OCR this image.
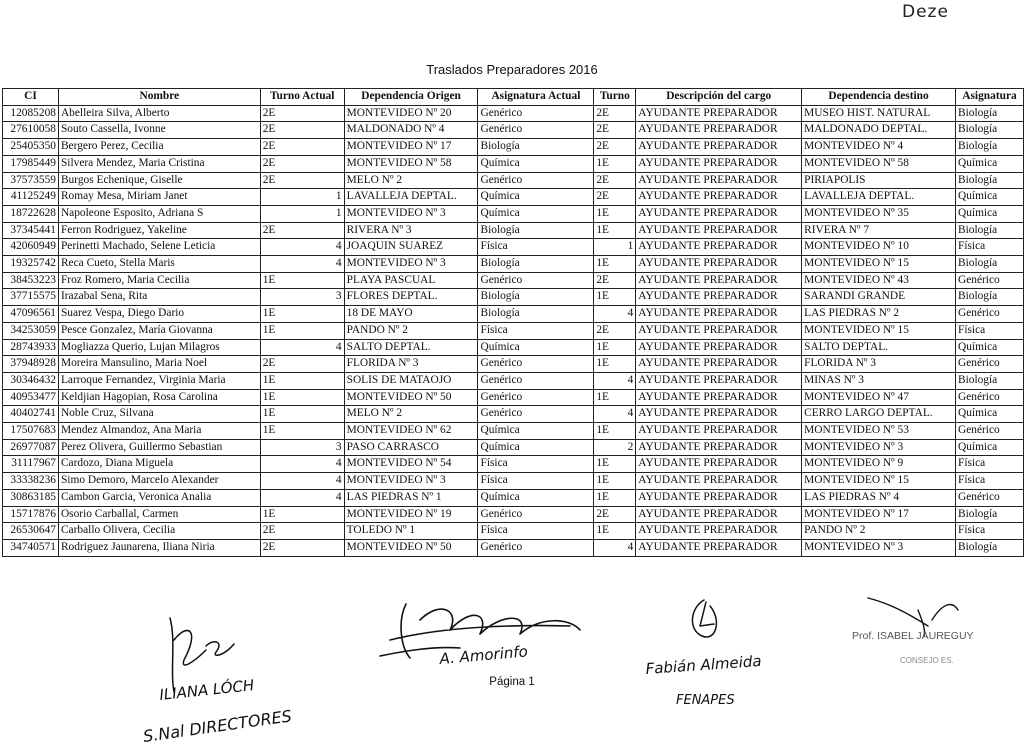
Deze
Traslados Preparadores 2016
CI	Nombre	Turno Actual	Dependencia Origen	Asignatura Actual	Turno	Descripción del cargo	Dependencia destino	Asignatura
12085208	Abelleira Silva, Alberto	2E	MONTEVIDEO Nº 20	Genérico	2E	AYUDANTE PREPARADOR	MUSEO HIST. NATURAL	Biología
27610058	Souto Cassella, Ivonne	2E	MALDONADO Nº 4	Genérico	2E	AYUDANTE PREPARADOR	MALDONADO DEPTAL.	Biología
25405350	Bergero Perez, Cecilia	2E	MONTEVIDEO Nº 17	Biología	2E	AYUDANTE PREPARADOR	MONTEVIDEO Nº 4	Biología
17985449	Silvera Mendez, Maria Cristina	2E	MONTEVIDEO Nº 58	Química	1E	AYUDANTE PREPARADOR	MONTEVIDEO Nº 58	Química
37573559	Burgos Echenique, Giselle	2E	MELO Nº 2	Genérico	2E	AYUDANTE PREPARADOR	PIRIAPOLIS	Biología
41125249	Romay Mesa, Miriam Janet	1	LAVALLEJA DEPTAL.	Química	2E	AYUDANTE PREPARADOR	LAVALLEJA DEPTAL.	Química
18722628	Napoleone Esposito, Adriana S	1	MONTEVIDEO Nº 3	Química	1E	AYUDANTE PREPARADOR	MONTEVIDEO Nº 35	Química
37345441	Ferron Rodriguez, Yakeline	2E	RIVERA Nº 3	Biología	1E	AYUDANTE PREPARADOR	RIVERA Nº 7	Biología
42060949	Perinetti Machado, Selene Leticia	4	JOAQUIN SUAREZ	Física	1	AYUDANTE PREPARADOR	MONTEVIDEO Nº 10	Física
19325742	Reca Cueto, Stella Maris	4	MONTEVIDEO Nº 3	Biología	1E	AYUDANTE PREPARADOR	MONTEVIDEO Nº 15	Biología
38453223	Froz Romero, Maria Cecilia	1E	PLAYA PASCUAL	Genérico	2E	AYUDANTE PREPARADOR	MONTEVIDEO Nº 43	Genérico
37715575	Irazabal Sena, Rita	3	FLORES DEPTAL.	Biología	1E	AYUDANTE PREPARADOR	SARANDI GRANDE	Biología
47096561	Suarez Vespa, Diego Dario	1E	18 DE MAYO	Biología	4	AYUDANTE PREPARADOR	LAS PIEDRAS Nº 2	Genérico
34253059	Pesce Gonzalez, María Giovanna	1E	PANDO Nº 2	Física	2E	AYUDANTE PREPARADOR	MONTEVIDEO Nº 15	Física
28743933	Mogliazza Querio, Lujan Milagros	4	SALTO DEPTAL.	Química	1E	AYUDANTE PREPARADOR	SALTO DEPTAL.	Química
37948928	Moreira Mansulino, Maria Noel	2E	FLORIDA Nº 3	Genérico	1E	AYUDANTE PREPARADOR	FLORIDA Nº 3	Genérico
30346432	Larroque Fernandez, Virginia Maria	1E	SOLIS DE MATAOJO	Genérico	4	AYUDANTE PREPARADOR	MINAS Nº 3	Biología
40953477	Keldjian Hagopian, Rosa Carolina	1E	MONTEVIDEO Nº 50	Genérico	1E	AYUDANTE PREPARADOR	MONTEVIDEO Nº 47	Genérico
40402741	Noble Cruz, Silvana	1E	MELO Nº 2	Genérico	4	AYUDANTE PREPARADOR	CERRO LARGO DEPTAL.	Química
17507683	Mendez Almandoz, Ana Maria	1E	MONTEVIDEO Nº 62	Química	1E	AYUDANTE PREPARADOR	MONTEVIDEO Nº 53	Genérico
26977087	Perez Olivera, Guillermo Sebastian	3	PASO CARRASCO	Química	2	AYUDANTE PREPARADOR	MONTEVIDEO Nº 3	Química
31117967	Cardozo, Diana Miguela	4	MONTEVIDEO Nº 54	Física	1E	AYUDANTE PREPARADOR	MONTEVIDEO Nº 9	Física
33338236	Simo Demoro, Marcelo Alexander	4	MONTEVIDEO Nº 3	Física	1E	AYUDANTE PREPARADOR	MONTEVIDEO Nº 15	Física
30863185	Cambon Garcia, Veronica Analia	4	LAS PIEDRAS Nº 1	Química	1E	AYUDANTE PREPARADOR	LAS PIEDRAS Nº 4	Genérico
15717876	Osorio Carballal, Carmen	1E	MONTEVIDEO Nº 19	Genérico	2E	AYUDANTE PREPARADOR	MONTEVIDEO Nº 17	Biología
26530647	Carballo Olivera, Cecilia	2E	TOLEDO Nº 1	Física	1E	AYUDANTE PREPARADOR	PANDO Nº 2	Física
34740571	Rodriguez Jaunarena, Iliana Niria	2E	MONTEVIDEO Nº 50	Genérico	4	AYUDANTE PREPARADOR	MONTEVIDEO Nº 3	Biología
ILIANA LÓCH
S.Nal DIRECTORES
A. Amorinfo	Fabián Almeida
FENAPES
Prof. ISABEL JAUREGUY
CONSEJO ES.
Página 1
